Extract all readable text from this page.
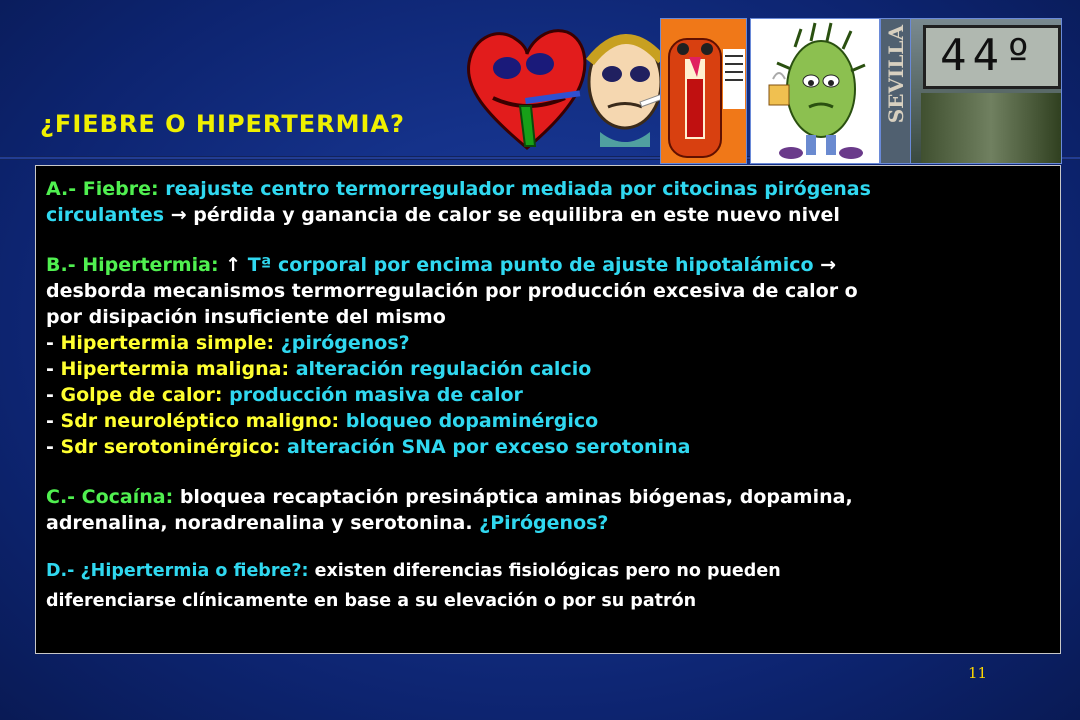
¿FIEBRE O HIPERTERMIA?
SEVILLA 44º

A.- Fiebre: reajuste centro termorregulador mediada por citocinas pirógenas

circulantes → pérdida y ganancia de calor se equilibra en este nuevo nivel

B.- Hipertermia: ↑ Tª corporal por encima punto de ajuste hipotalámico →

desborda mecanismos termorregulación por producción excesiva de calor o

por disipación insuficiente del mismo

- Hipertermia simple: ¿pirógenos?

- Hipertermia maligna: alteración regulación calcio

- Golpe de calor: producción masiva de calor

- Sdr neuroléptico maligno: bloqueo dopaminérgico

- Sdr serotoninérgico: alteración SNA por exceso serotonina

C.- Cocaína: bloquea recaptación presináptica aminas biógenas, dopamina,

adrenalina, noradrenalina y serotonina. ¿Pirógenos?

D.- ¿Hipertermia o fiebre?: existen diferencias fisiológicas pero no pueden

diferenciarse clínicamente en base a su elevación o por su patrón

11
